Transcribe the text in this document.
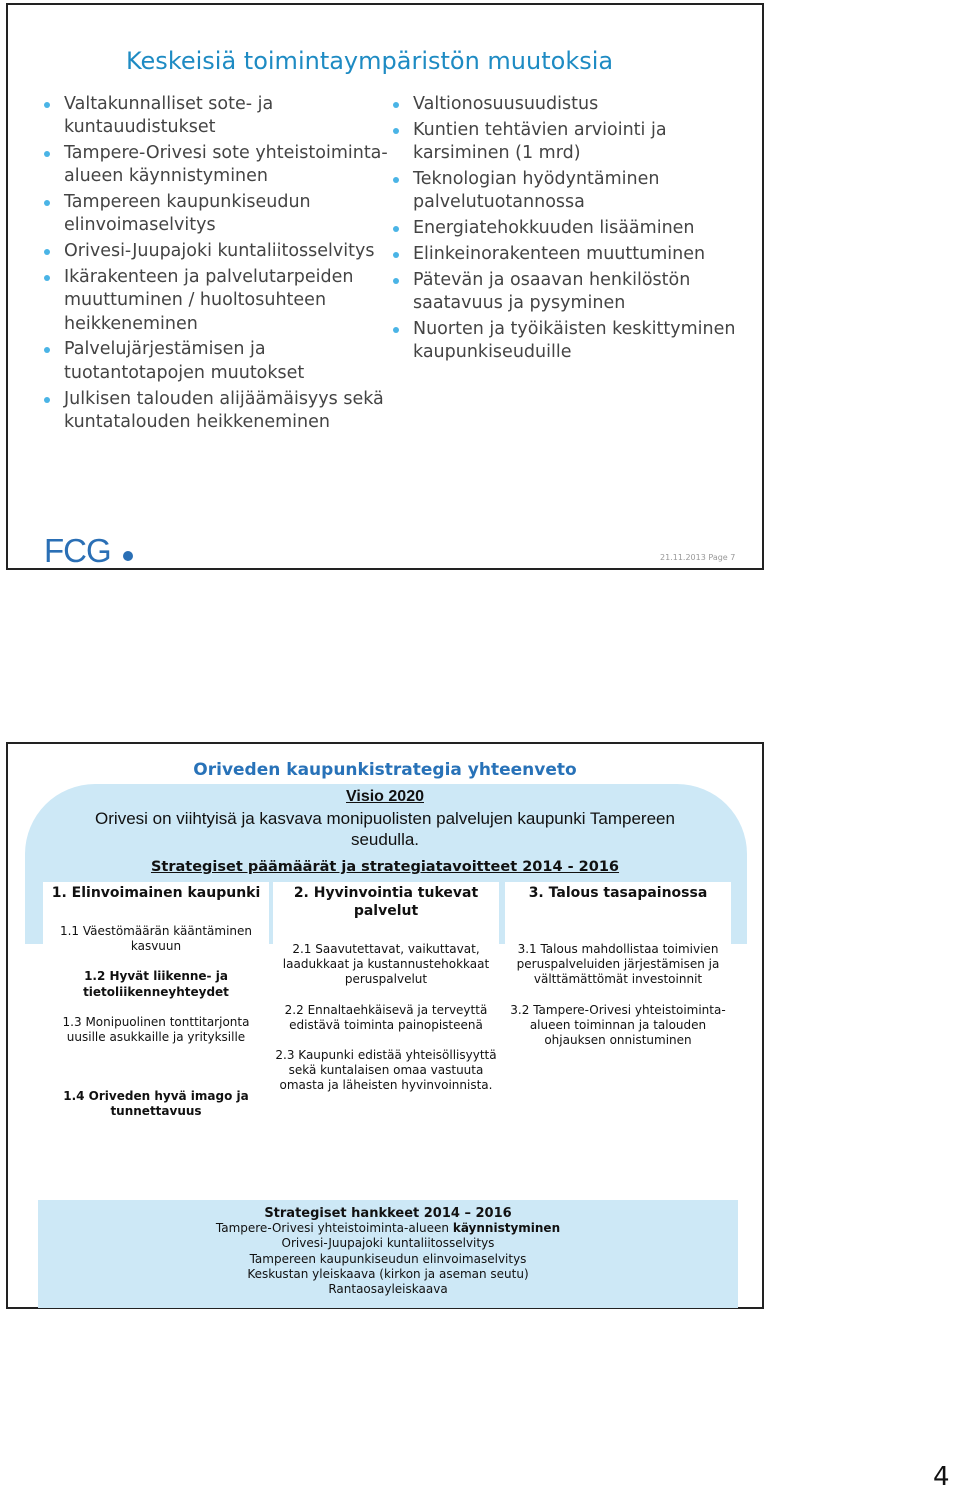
Keskeisiä toimintaympäristön muutoksia
Valtakunnalliset sote- ja kuntauudistukset
Tampere-Orivesi sote yhteistoiminta-alueen käynnistyminen
Tampereen kaupunkiseudun elinvoimaselvitys
Orivesi-Juupajoki kuntaliitosselvitys
Ikärakenteen ja palvelutarpeiden muuttuminen / huoltosuhteen heikkeneminen
Palvelujärjestämisen ja tuotantotapojen muutokset
Julkisen talouden alijäämäisyys sekä kuntatalouden heikkeneminen
Valtionosuusuudistus
Kuntien tehtävien arviointi ja karsiminen (1 mrd)
Teknologian hyödyntäminen palvelutuotannossa
Energiatehokkuuden lisääminen
Elinkeinorakenteen muuttuminen
Pätevän ja osaavan henkilöstön saatavuus ja pysyminen
Nuorten ja työikäisten keskittyminen kaupunkiseuduille
FCG	21.11.2013 Page 7
Oriveden kaupunkistrategia yhteenveto
Visio 2020
Orivesi on viihtyisä ja kasvava monipuolisten palvelujen kaupunki Tampereen seudulla.
Strategiset päämäärät ja strategiatavoitteet 2014 - 2016
1. Elinvoimainen kaupunki
1.1 Väestömäärän kääntäminen kasvuun
1.2 Hyvät liikenne- ja tietoliikenneyhteydet
1.3 Monipuolinen tonttitarjonta uusille asukkaille ja yrityksille
1.4 Oriveden hyvä imago ja tunnettavuus
2. Hyvinvointia tukevat palvelut
2.1 Saavutettavat, vaikuttavat, laadukkaat ja kustannustehokkaat peruspalvelut
2.2 Ennaltaehkäisevä ja terveyttä edistävä toiminta painopisteenä
2.3 Kaupunki edistää yhteisöllisyyttä sekä kuntalaisen omaa vastuuta omasta ja läheisten hyvinvoinnista.
3. Talous tasapainossa
3.1 Talous mahdollistaa toimivien peruspalveluiden järjestämisen ja välttämättömät investoinnit
3.2 Tampere-Orivesi yhteistoiminta-alueen toiminnan ja talouden ohjauksen onnistuminen
Strategiset hankkeet 2014 – 2016
Tampere-Orivesi yhteistoiminta-alueen käynnistyminen
Orivesi-Juupajoki kuntaliitosselvitys
Tampereen kaupunkiseudun elinvoimaselvitys
Keskustan yleiskaava (kirkon ja aseman seutu)
Rantaosayleiskaava
4
